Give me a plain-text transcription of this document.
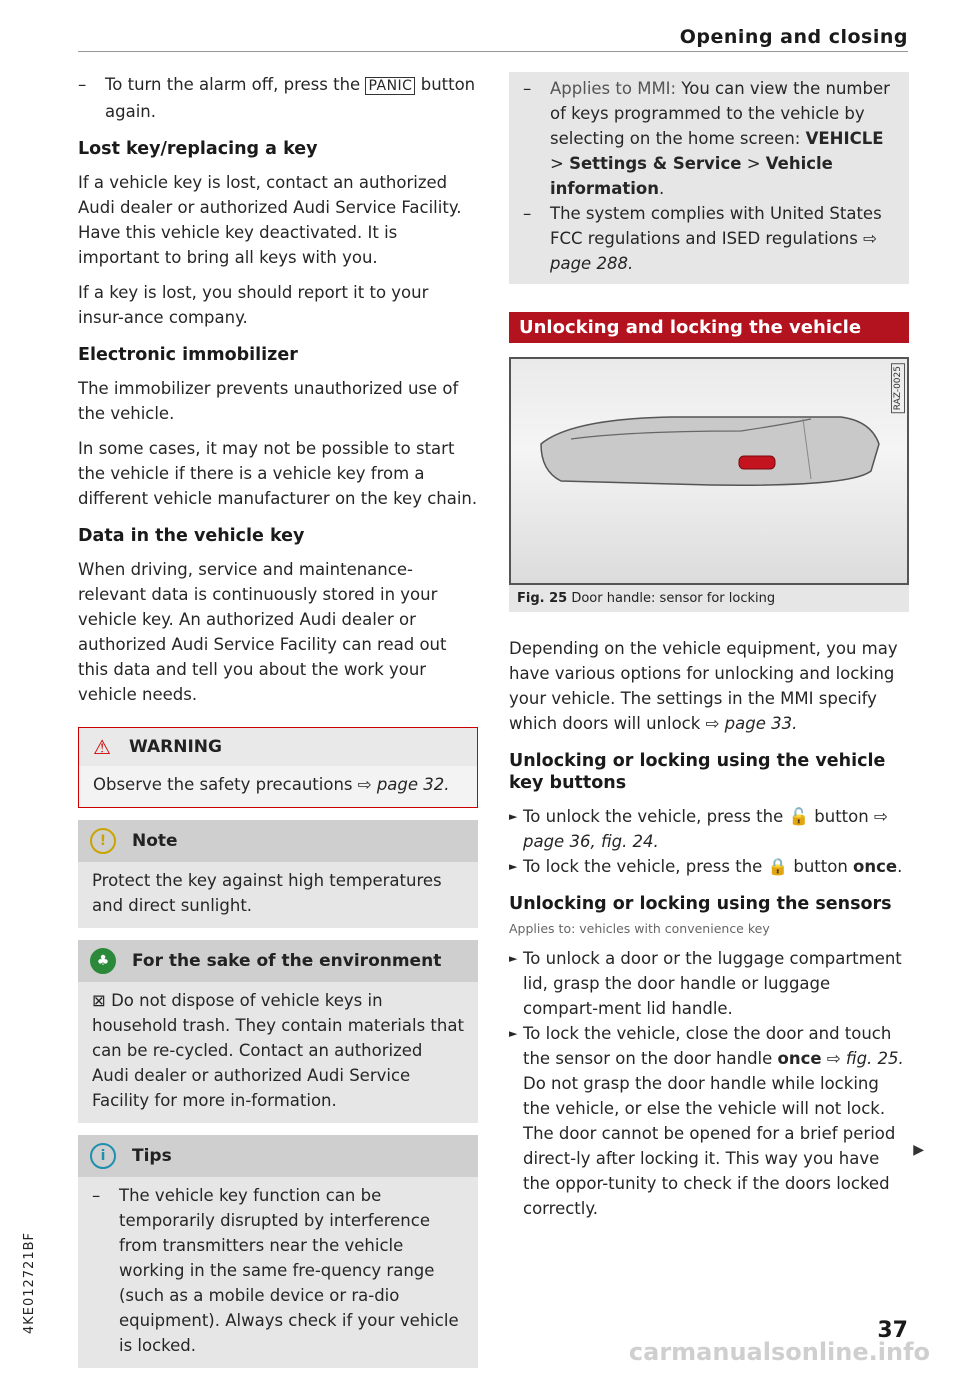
Opening and closing
– To turn the alarm off, press the PANIC button again.
Lost key/replacing a key

If a vehicle key is lost, contact an authorized Audi dealer or authorized Audi Service Facility. Have this vehicle key deactivated. It is important to bring all keys with you.

If a key is lost, you should report it to your insur-ance company.

Electronic immobilizer

The immobilizer prevents unauthorized use of the vehicle.

In some cases, it may not be possible to start the vehicle if there is a vehicle key from a different vehicle manufacturer on the key chain.

Data in the vehicle key

When driving, service and maintenance-relevant data is continuously stored in your vehicle key. An authorized Audi dealer or authorized Audi Service Facility can read out this data and tell you about the work your vehicle needs.

⚠ WARNING
Observe the safety precautions ⇨ page 32.
!	Note
Protect the key against high temperatures and direct sunlight.
♣	For the sake of the environment
⊠ Do not dispose of vehicle keys in household trash. They contain materials that can be re-cycled. Contact an authorized Audi dealer or authorized Audi Service Facility for more in-formation.
i	Tips
– The vehicle key function can be temporarily disrupted by interference from transmitters near the vehicle working in the same fre-quency range (such as a mobile device or ra-dio equipment). Always check if your vehicle is locked.
– Applies to MMI: You can view the number of keys programmed to the vehicle by selecting on the home screen: VEHICLE > Settings & Service > Vehicle information.
– The system complies with United States FCC regulations and ISED regulations ⇨ page 288.
Unlocking and locking the vehicle
RAZ-0025
Fig. 25 Door handle: sensor for locking

Depending on the vehicle equipment, you may have various options for unlocking and locking your vehicle. The settings in the MMI specify which doors will unlock ⇨ page 33.

Unlocking or locking using the vehicle key buttons
► To unlock the vehicle, press the 🔓 button ⇨ page 36, fig. 24.
► To lock the vehicle, press the 🔒 button once.
Unlocking or locking using the sensors
Applies to: vehicles with convenience key
► To unlock a door or the luggage compartment lid, grasp the door handle or luggage compart-ment lid handle.
► To lock the vehicle, close the door and touch the sensor on the door handle once ⇨ fig. 25. Do not grasp the door handle while locking the vehicle, or else the vehicle will not lock. The door cannot be opened for a brief period direct-ly after locking it. This way you have the oppor-tunity to check if the doors locked correctly.
▶
37
4KE012721BF
carmanualsonline.info
